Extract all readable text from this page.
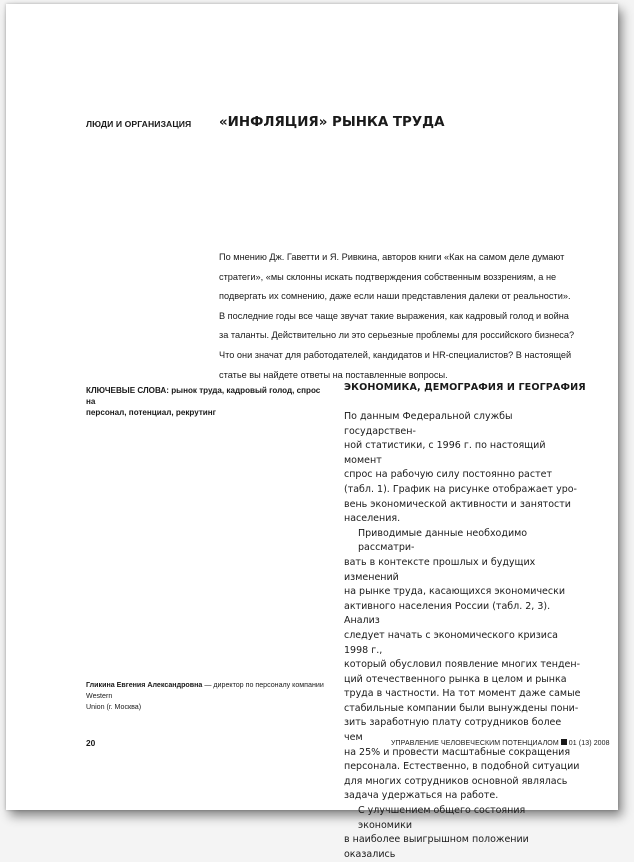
ЛЮДИ И ОРГАНИЗАЦИЯ «ИНФЛЯЦИЯ» РЫНКА ТРУДА
По мнению Дж. Гаветти и Я. Ривкина, авторов книги «Как на самом деле думают
стратеги», «мы склонны искать подтверждения собственным воззрениям, а не
подвергать их сомнению, даже если наши представления далеки от реальности».
В последние годы все чаще звучат такие выражения, как кадровый голод и война
за таланты. Действительно ли это серьезные проблемы для российского бизнеса?
Что они значат для работодателей, кандидатов и HR-специалистов? В настоящей
статье вы найдете ответы на поставленные вопросы.
КЛЮЧЕВЫЕ СЛОВА: рынок труда, кадровый голод, спрос на
персонал, потенциал, рекрутинг
ЭКОНОМИКА, ДЕМОГРАФИЯ И ГЕОГРАФИЯ

По данным Федеральной службы государствен-
ной статистики, с 1996 г. по настоящий момент
спрос на рабочую силу постоянно растет
(табл. 1). График на рисунке отображает уро-
вень экономической активности и занятости
населения.

Приводимые данные необходимо рассматри-
вать в контексте прошлых и будущих изменений
на рынке труда, касающихся экономически
активного населения России (табл. 2, 3). Анализ
следует начать с экономического кризиса 1998 г.,
который обусловил появление многих тенден-
ций отечественного рынка в целом и рынка
труда в частности. На тот момент даже самые
стабильные компании были вынуждены пони-
зить заработную плату сотрудников более чем
на 25% и провести масштабные сокращения
персонала. Естественно, в подобной ситуации
для многих сотрудников основной являлась
задача удержаться на работе.

С улучшением общего состояния экономики
в наиболее выигрышном положении оказались

Гликина Евгения Александровна — директор по персоналу компании Western
Union (г. Москва)
20	УПРАВЛЕНИЕ ЧЕЛОВЕЧЕСКИМ ПОТЕНЦИАЛОМ 01 (13) 2008
